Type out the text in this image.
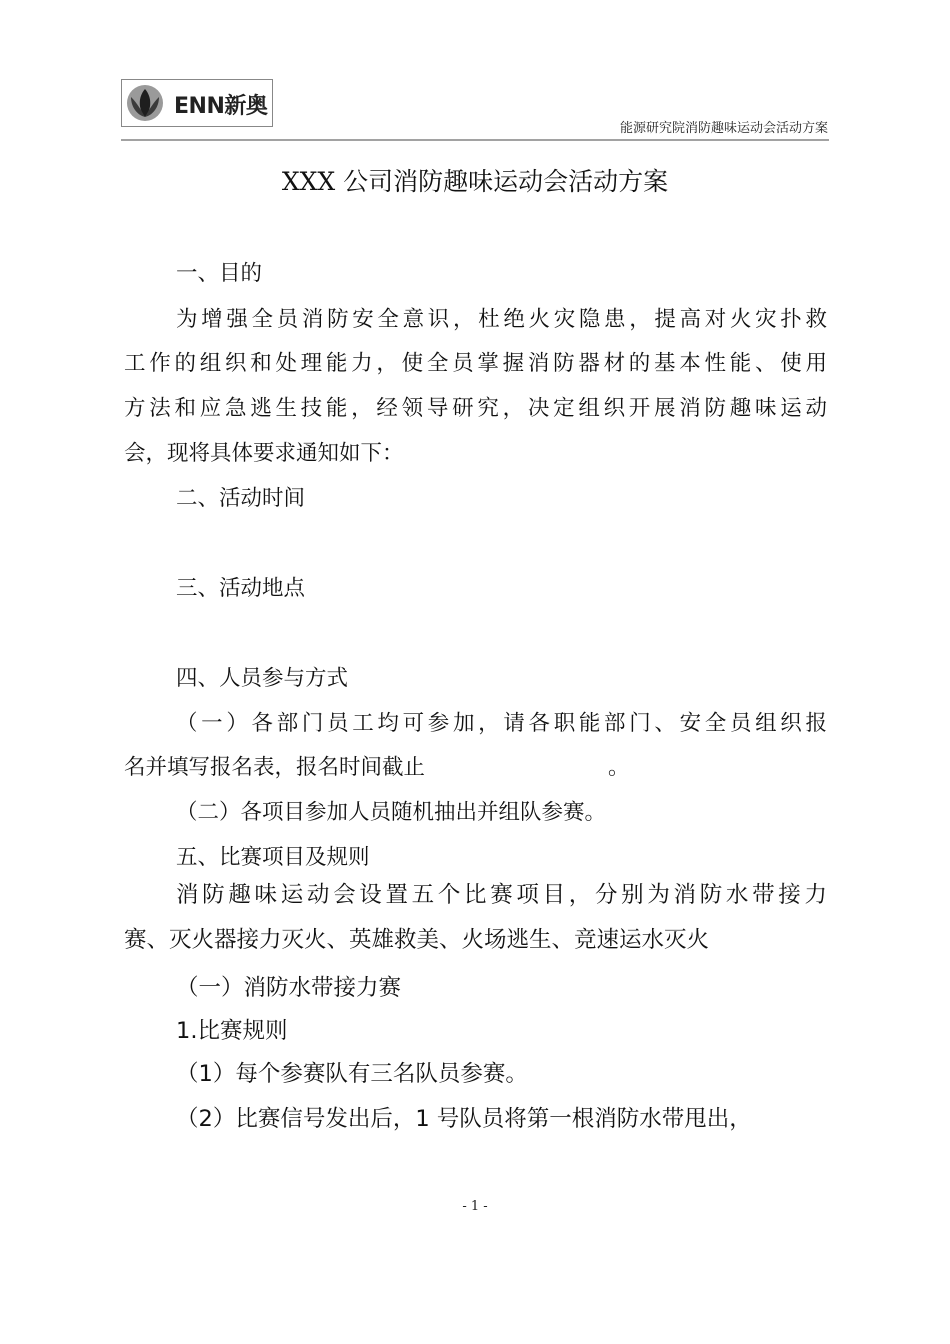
ENN新奥
能源研究院消防趣味运动会活动方案
XXX 公司消防趣味运动会活动方案
一、目的
为增强全员消防安全意识，杜绝火灾隐患，提高对火灾扑救
工作的组织和处理能力，使全员掌握消防器材的基本性能、使用
方法和应急逃生技能，经领导研究，决定组织开展消防趣味运动
会，现将具体要求通知如下：
二、活动时间
三、活动地点
四、人员参与方式
（一）各部门员工均可参加，请各职能部门、安全员组织报
名并填写报名表，报名时间截止	。
（二）各项目参加人员随机抽出并组队参赛。
五、比赛项目及规则
消防趣味运动会设置五个比赛项目，分别为消防水带接力
赛、灭火器接力灭火、英雄救美、火场逃生、竞速运水灭火
（一）消防水带接力赛
1.比赛规则
（1）每个参赛队有三名队员参赛。
（2）比赛信号发出后，1 号队员将第一根消防水带甩出，
- 1 -
